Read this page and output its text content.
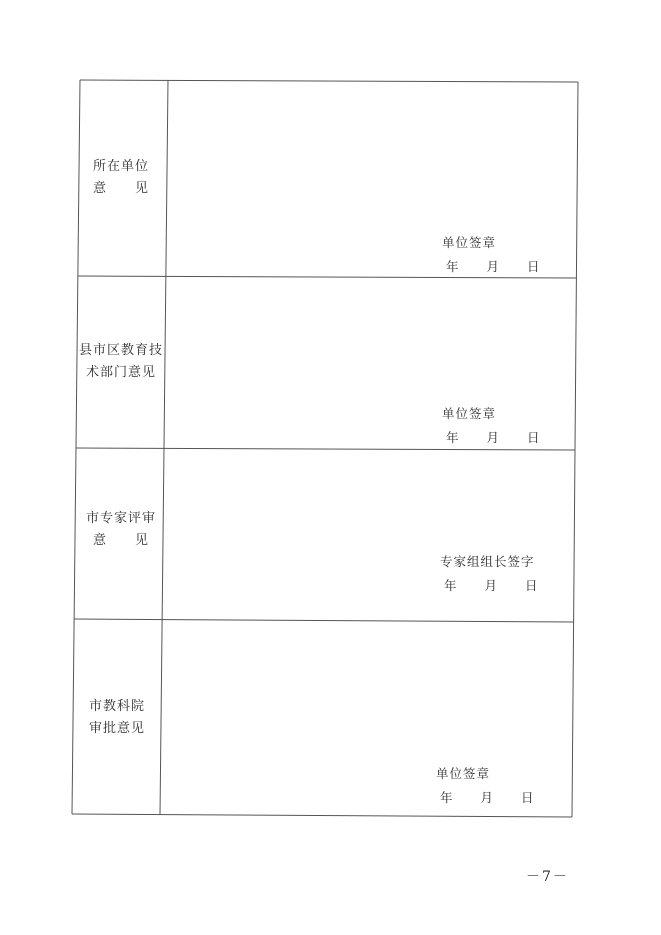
所在单位
意　　见
单位签章
年　　月　　日
县市区教育技
术部门意见
单位签章
年　　月　　日
市专家评审
意　　见
专家组组长签字
年　　月　　日
市教科院
审批意见
单位签章
年　　月　　日
－7－
